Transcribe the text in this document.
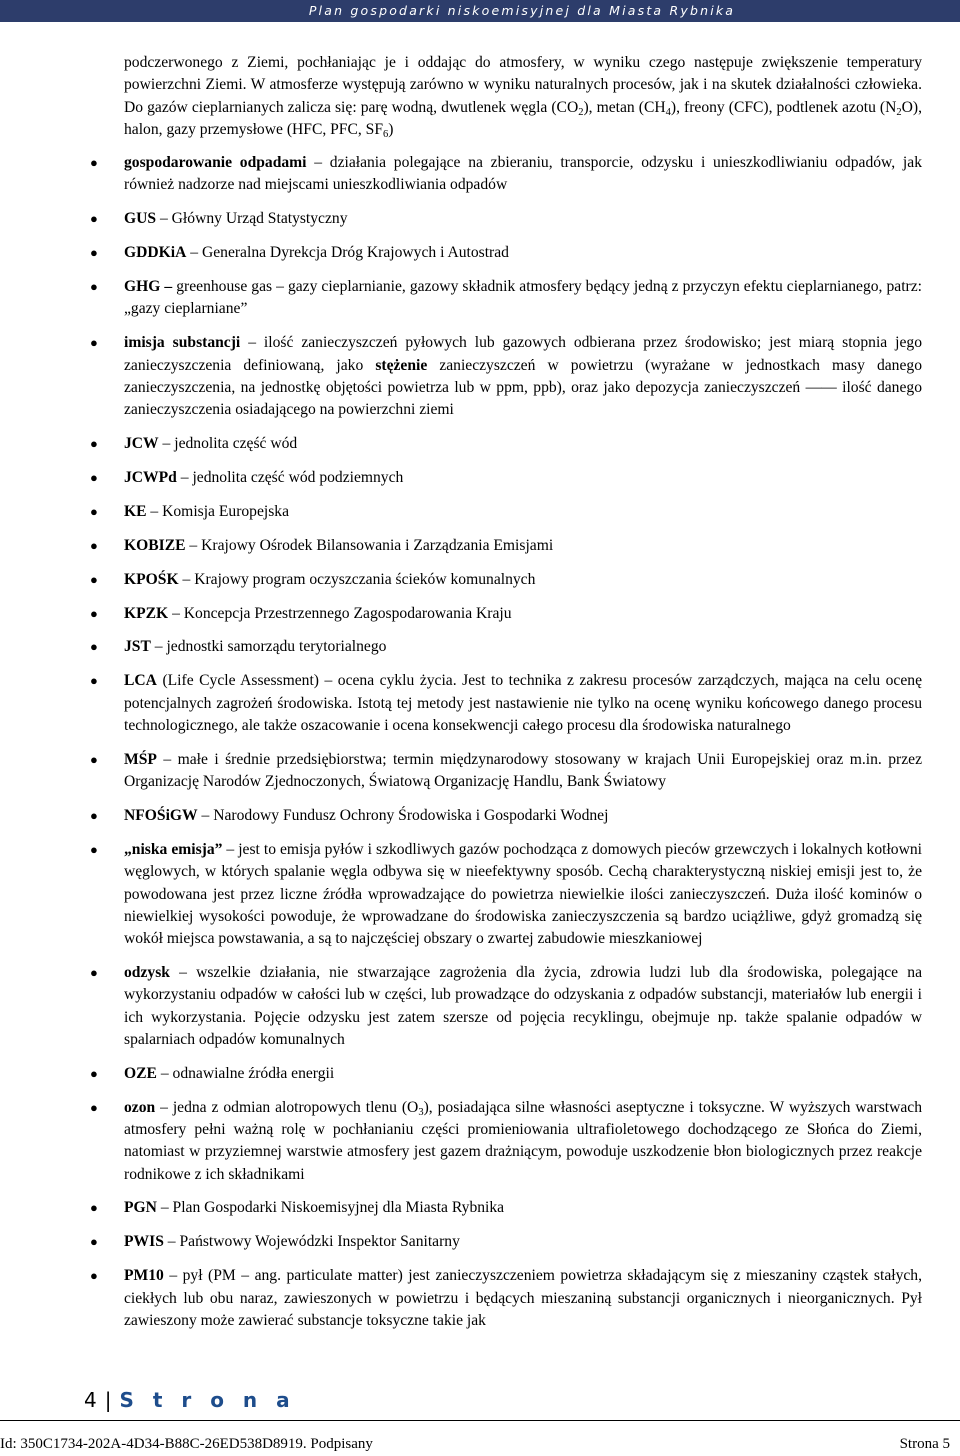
Plan gospodarki niskoemisyjnej dla Miasta Rybnika

podczerwonego z Ziemi, pochłaniając je i oddając do atmosfery, w wyniku czego następuje zwiększenie temperatury powierzchni Ziemi. W atmosferze występują zarówno w wyniku naturalnych procesów, jak i na skutek działalności człowieka. Do gazów cieplarnianych zalicza się: parę wodną, dwutlenek węgla $(CO_2)$, metan $(CH_4)$, freony (CFC), podtlenek azotu $(N_2O)$, halon, gazy przemysłowe (HFC, PFC, $SF_6$)

● gospodarowanie odpadami – działania polegające na zbieraniu, transporcie, odzysku i unieszkodliwianiu odpadów, jak również nadzorze nad miejscami unieszkodliwiania odpadów

● GUS – Główny Urząd Statystyczny

● GDDKiA – Generalna Dyrekcja Dróg Krajowych i Autostrad

● GHG – greenhouse gas – gazy cieplarnianie, gazowy składnik atmosfery będący jedną z przyczyn efektu cieplarnianego, patrz: „gazy cieplarniane”

● imisja substancji – ilość zanieczyszczeń pyłowych lub gazowych odbierana przez środowisko; jest miarą stopnia jego zanieczyszczenia definiowaną, jako stężenie zanieczyszczeń w powietrzu (wyrażane w jednostkach masy danego zanieczyszczenia, na jednostkę objętości powietrza lub w ppm, ppb), oraz jako depozycja zanieczyszczeń —— ilość danego zanieczyszczenia osiadającego na powierzchni ziemi

● JCW – jednolita część wód

● JCWPd – jednolita część wód podziemnych

● KE – Komisja Europejska

● KOBIZE – Krajowy Ośrodek Bilansowania i Zarządzania Emisjami

● KPOŚK – Krajowy program oczyszczania ścieków komunalnych

● KPZK – Koncepcja Przestrzennego Zagospodarowania Kraju

● JST – jednostki samorządu terytorialnego

● LCA (Life Cycle Assessment) – ocena cyklu życia. Jest to technika z zakresu procesów zarządczych, mająca na celu ocenę potencjalnych zagrożeń środowiska. Istotą tej metody jest nastawienie nie tylko na ocenę wyniku końcowego danego procesu technologicznego, ale także oszacowanie i ocena konsekwencji całego procesu dla środowiska naturalnego

● MŚP – małe i średnie przedsiębiorstwa; termin międzynarodowy stosowany w krajach Unii Europejskiej oraz m.in. przez Organizację Narodów Zjednoczonych, Światową Organizację Handlu, Bank Światowy

● NFOŚiGW – Narodowy Fundusz Ochrony Środowiska i Gospodarki Wodnej

● „niska emisja” – jest to emisja pyłów i szkodliwych gazów pochodząca z domowych pieców grzewczych i lokalnych kotłowni węglowych, w których spalanie węgla odbywa się w nieefektywny sposób. Cechą charakterystyczną niskiej emisji jest to, że powodowana jest przez liczne źródła wprowadzające do powietrza niewielkie ilości zanieczyszczeń. Duża ilość kominów o niewielkiej wysokości powoduje, że wprowadzane do środowiska zanieczyszczenia są bardzo uciążliwe, gdyż gromadzą się wokół miejsca powstawania, a są to najczęściej obszary o zwartej zabudowie mieszkaniowej

● odzysk – wszelkie działania, nie stwarzające zagrożenia dla życia, zdrowia ludzi lub dla środowiska, polegające na wykorzystaniu odpadów w całości lub w części, lub prowadzące do odzyskania z odpadów substancji, materiałów lub energii i ich wykorzystania. Pojęcie odzysku jest zatem szersze od pojęcia recyklingu, obejmuje np. także spalanie odpadów w spalarniach odpadów komunalnych

● OZE – odnawialne źródła energii

● ozon – jedna z odmian alotropowych tlenu $(O_3)$, posiadająca silne własności aseptyczne i toksyczne. W wyższych warstwach atmosfery pełni ważną rolę w pochłanianiu części promieniowania ultrafioletowego dochodzącego ze Słońca do Ziemi, natomiast w przyziemnej warstwie atmosfery jest gazem drażniącym, powoduje uszkodzenie błon biologicznych przez reakcje rodnikowe z ich składnikami

● PGN – Plan Gospodarki Niskoemisyjnej dla Miasta Rybnika

● PWIS – Państwowy Wojewódzki Inspektor Sanitarny

● PM10 – pył (PM – ang. particulate matter) jest zanieczyszczeniem powietrza składającym się z mieszaniny cząstek stałych, ciekłych lub obu naraz, zawieszonych w powietrzu i będących mieszaniną substancji organicznych i nieorganicznych. Pył zawieszony może zawierać substancje toksyczne takie jak

4 | S t r o n a
Id: 350C1734-202A-4D34-B88C-26ED538D8919. Podpisany	Strona 5
